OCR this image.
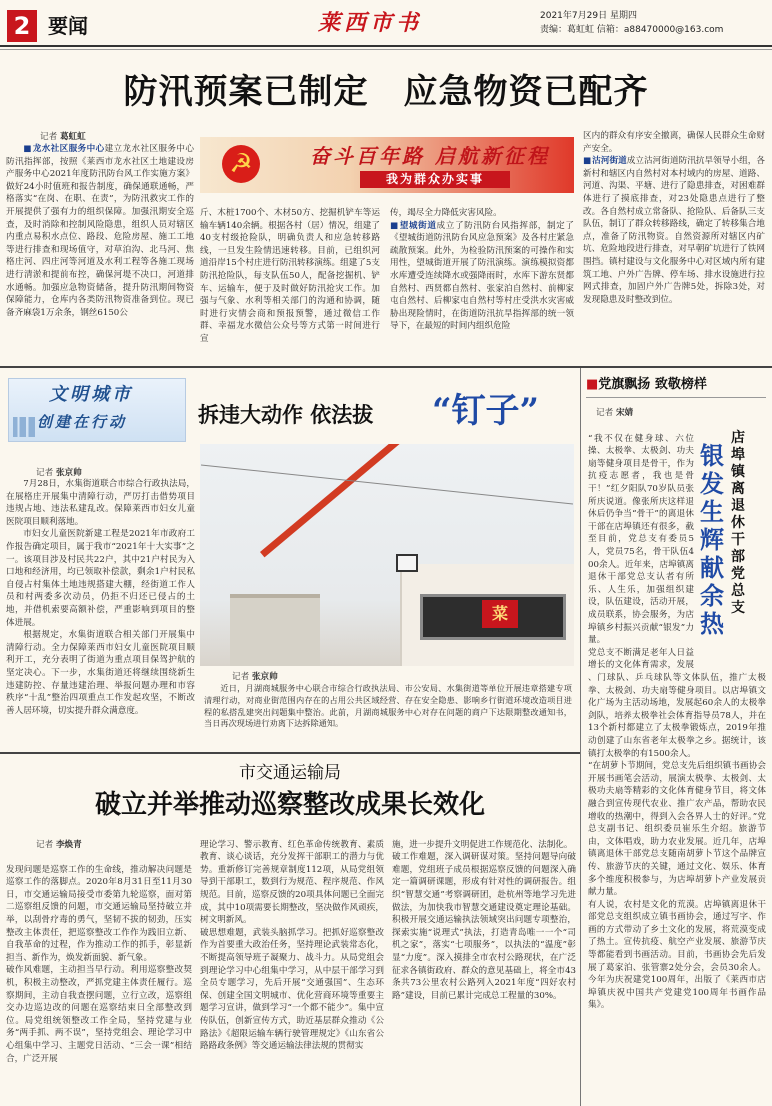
2 要闻	莱西市书	2021年7月29日 星期四
责编：葛虹虹 信箱：a88470000@163.com
防汛预案已制定　应急物资已配齐
记者 葛虹虹

■ 龙水社区服务中心建立龙水社区服务中心防汛指挥部，按照《莱西市龙水社区土地建设房产服务中心2021年度防汛防台风工作实施方案》做好24小时值班和报告制度，确保通联通畅，严格落实“在岗、在职、在责”，为防汛救灾工作的开展提供了强有力的组织保障。加强汛期安全巡查，及时消除和控制风险隐患，组织人员对辖区内重点易积水点位、路段、危险房屋、施工工地等进行排查和现场值守，对草泊沟、北马河、焦格庄河、四庄河等河道及水利工程等各施工现场进行清淤和提前布控，确保河堤不决口，河道排水通畅。加强应急物资储备，提升防汛期间物资保障能力，仓库内各类防汛物资准备到位。现已备齐麻袋1万余条，钢丝6150公

☭	奋斗百年路 启航新征程
我为群众办实事
斤、木桩1700个、木材50方、挖掘机铲车等运输车辆140余辆。根据各村（居）情况，组建了40支村级抢险队，明确负责人和应急转移路线，一旦发生险情迅速转移。目前，已组织河道沿岸15个村庄进行防汛转移演练。组建了5支防汛抢险队，每支队伍50人，配备挖掘机、铲车、运输车，便于及时做好防汛抢灾工作。加强与气象、水利等相关部门的沟通和协调，随时进行灾情会商和预报预警，通过微信工作群、幸福龙水微信公众号等方式第一时间进行宣
传，竭尽全力降低灾害风险。
■ 望城街道成立了防汛防台风指挥部，制定了《望城街道防汛防台风应急预案》及各村庄紧急疏散预案。此外，为检验防汛预案的可操作和实用性，望城街道开展了防汛演练。演练模拟资都水库遭受连续降水或强降雨时，水库下游东贤都自然村、西贤都自然村、张家泊自然村、前柳家屯自然村、后柳家屯自然村等村庄受洪水灾害威胁出现险情时，在街道防汛抗旱指挥部的统一领导下，在最短的时间内组织危险
区内的群众有序安全撤离，确保人民群众生命财产安全。
■ 沽河街道成立沽河街道防汛抗旱领导小组，各新村和辖区内自然村对本村域内的房屋、道路、河道、沟渠、平塘、进行了隐患排查，对困难群体进行了摸底排查，对23处隐患点进行了整改。各自然村成立常备队、抢险队、后备队三支队伍，制订了群众转移路线，确定了转移集合地点，准备了防汛物资。自然资源所对辖区内矿坑、危险地段进行排查，对早朝矿坑进行了铁网围挡。镇村建设与文化服务中心对区域内所有建筑工地、户外广告牌、停车场、排水设施进行拉网式排查，加固户外广告牌5处，拆除3处，对发现隐患及时整改到位。
文明城市
创建在行动	拆违大动作 依法拔 “钉子”
记者 张京帅

7月28日，水集街道联合市综合行政执法局，在展格庄开展集中清障行动，严厉打击借势项目违规占地、违法私建乱改。保障莱西市妇女儿童医院项目顺利落地。

市妇女儿童医院新建工程是2021年市政府工作报告确定项目，属于我市“2021年十大实事”之一。该项目涉及村民共22户，其中21户村民为入口地和经济用，均已领取补偿款，剩余1户村民私自侵占村集体土地违规搭建大棚，经街道工作人员和村两委多次动员，仍拒不归还已侵占的土地，并借机索要高额补偿，严重影响到项目的整体进展。

根据规定，水集街道联合相关部门开展集中清障行动。全力保障莱西市妇女儿童医院项目顺利开工，充分表明了街道为重点项目保驾护航的坚定决心。下一步，水集街道还将继续围绕新生违建防控、存量违建治理、举报问题办理和市容秩序“十乱”整治四项重点工作发起攻坚，不断改善人居环境，切实提升群众满意度。

菜
记者 张京帅

近日，月湖商城服务中心联合市综合行政执法局、市公安局、水集街道等单位开展违章搭建专项清理行动，对商业街范围内存在的占用公共区域经营、存在安全隐患、影响乡行街道环境改造项目进程的私搭乱建突出问题集中整治。此前，月湖商城服务中心对存在问题的商户下达限期整改通知书，当日再次现场进行劝离下达拆除通知。

市交通运输局
破立并举推动巡察整改成果长效化
记者 李焕青

发现问题是巡察工作的生命线，推动解决问题是巡察工作的落脚点。2020年8月31日至11月30日，市交通运输局接受市委第九轮巡察，面对第二巡察组反馈的问题，市交通运输局坚持破立并举，以刮骨疗毒的勇气，坚韧不拔的韧劲，压实整改主体责任，把巡察整改工作作为践旧立新、自我革命的过程，作为推动工作的抓手，彰显新担当、新作为，焕发新面貌、新气象。
破作风难题，主动担当早行动。利用巡察整改契机，积极主动整改，严抓党建主体责任履行。巡察期间，主动自我查摆问题，立行立改，巡察组交办边巡边改的问题在巡察结束日全部整改到位。局党组统领整改工作全局，坚持党建与业务“两手抓、两不误”，坚持党组会、理论学习中心组集中学习、主题党日活动、“三会一课”相结合，广泛开展

理论学习、警示教育、红色革命传统教育、素质教育、谈心谈话，充分发挥干部职工的潜力与优势。重新修订完善规章制度112项，从局党组领导到干部职工，数到行为规范、程序规范、作风规范。目前，巡察反馈的20项具体问题已全面完成，其中10项需要长期整改，坚决做作风顽疾，树文明新风。
破思想难题，武装头脑抓学习。把抓好巡察整改作为首要重大政治任务，坚持理论武装常态化，不断提高领导班子凝聚力、战斗力。从局党组会到理论学习中心组集中学习，从中层干部学习到全员专题学习，先后开展“交通强国”、生态环保、创建全国文明城市、优化营商环境等重要主题学习宣讲，做到学习“一个都不能少”。集中宣传队伍，创新宣传方式，助近基层群众推动《公路法》《超限运输车辆行驶管理规定》《山东省公路路政条例》等交通运输法律法规的贯彻实

施，进一步提升文明促进工作规范化、法制化。
破工作难题，深入调研谋对策。坚持问题导向破难题，党组班子成员根据巡察反馈的问题深入确定一篇调研课题，形成有针对性的调研报告。组织“智慧交通”考察调研团，赴杭州等地学习先进做法，为加快我市智慧交通建设奠定理论基础。积极开展交通运输执法领域突出问题专项整治，探索实施“说理式”执法，打造青岛唯一一个“司机之家”，落实“七项服务”，以执法的“温度”彰显“力度”。深入摸排全市农村公路现状，在广泛征求各镇街政府、群众的意见基础上，将全市43条共73公里农村公路列入2021年度“四好农村路”建设，目前已累计完成总工程量的30%。

■党旗飘扬 致敬榜样
记者 宋婧
店埠镇离退休干部党总支
银发生辉献余热

“我不仅在健身球、六位操、太极拳、太极剑、功夫扇等健身项目是骨干，作为抗疫志愿者，我也是骨干！”红夕阳队70岁队员张所庆说道。像张所庆这样退休后仍争当“骨干”的离退休干部在店埠镇还有很多，截至目前，党总支有委员5人，党员75名，骨干队伍400余人。近年来，店埠镇离退休干部党总支认者有所乐、人生乐，加强组织建设，队伍建设，活动开展，成员联系，协会服务，为店埠镇乡村振兴贡献“银发”力量。
党总支不断满足老年人日益增长的文化体育需求，发展

、门球队、乒乓球队等文体队伍，推广太极拳、太极剑、功夫扇等健身项目。以店埠镇文化广场为主活动场地，发展起60余人的太极拳剑队，培养太极拳社会体育指导员78人，并在13个新村都建立了太极拳锻炼点，2019年推动创建了山东省老年太极拳之乡。据统计，该镇打太极拳的有1500余人。
“在胡萝卜节期间，党总支先后组织镇书画协会开展书画笔会活动，展演太极拳、太极剑、太极功夫扇等精彩的文化体育健身节目，将文体融合到宣传现代农业、推广农产品，帮助农民增收的热潮中，得到入会各界人士的好评。”党总支副书记、组织委员崔乐生介绍。旅游节由，文体唱戏，助力农业发展。近几年，店埠镇离退休干部党总支随南胡萝卜节这个品牌宣传、旅游节庆的关键，通过文化、娱乐、体育多个维度积极参与，为店埠胡萝卜产业发展贡献力量。
有人说，农村是文化的荒漠。店埠镇离退休干部党总支组织成立镇书画协会，通过写字、作画的方式带动了乡土文化的发展，将荒漠变成了热土。宣传抗疫、航空产业发展、旅游节庆等都能看到书画活动。目前，书画协会先后发展了葛家泊、张管寨2处分会，会员30余人。今年为庆祝建党100周年，出版了《莱西市店埠镇庆祝中国共产党建党100周年书画作品集》。
